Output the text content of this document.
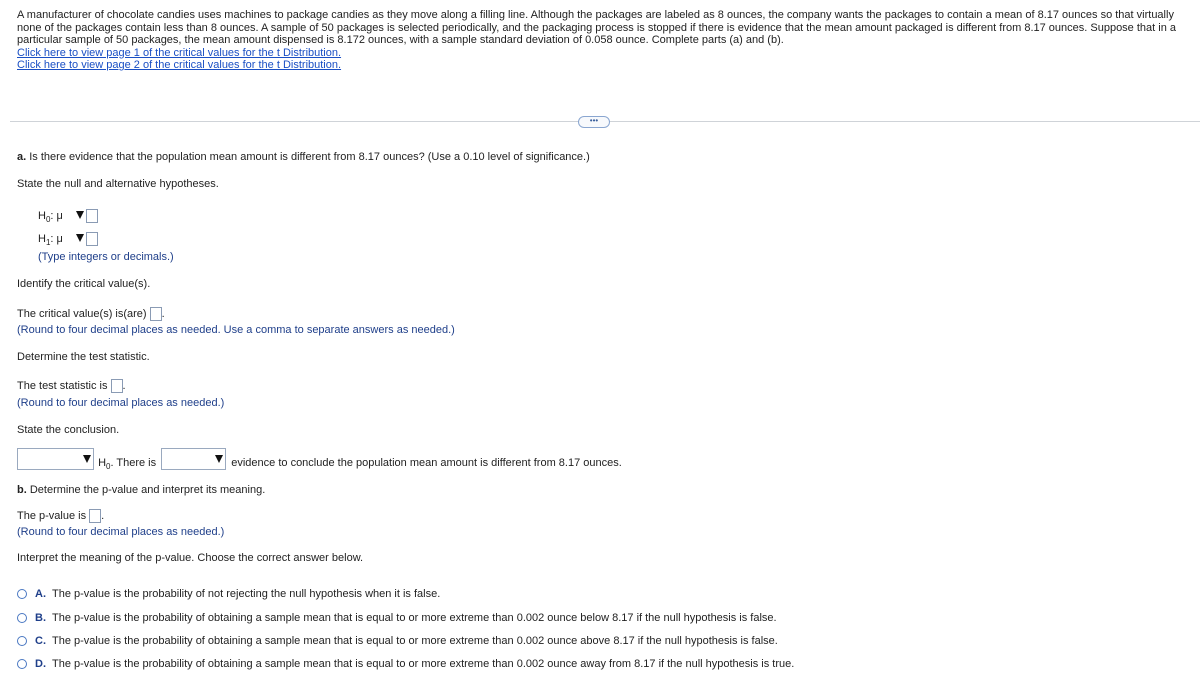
A manufacturer of chocolate candies uses machines to package candies as they move along a filling line. Although the packages are labeled as 8 ounces, the company wants the packages to contain a mean of 8.17 ounces so that virtually none of the packages contain less than 8 ounces. A sample of 50 packages is selected periodically, and the packaging process is stopped if there is evidence that the mean amount packaged is different from 8.17 ounces. Suppose that in a particular sample of 50 packages, the mean amount dispensed is 8.172 ounces, with a sample standard deviation of 0.058 ounce. Complete parts (a) and (b).
Click here to view page 1 of the critical values for the t Distribution.
Click here to view page 2 of the critical values for the t Distribution.
•••
a. Is there evidence that the population mean amount is different from 8.17 ounces? (Use a 0.10 level of significance.)
State the null and alternative hypotheses.
$H_0$: μ
$H_1$: μ
(Type integers or decimals.)
Identify the critical value(s).
The critical value(s) is(are) .
(Round to four decimal places as needed. Use a comma to separate answers as needed.)
Determine the test statistic.
The test statistic is .
(Round to four decimal places as needed.)
State the conclusion.
$H_0$. There is	evidence to conclude the population mean amount is different from 8.17 ounces.
b. Determine the p-value and interpret its meaning.
The p-value is .
(Round to four decimal places as needed.)
Interpret the meaning of the p-value. Choose the correct answer below.
A. The p-value is the probability of not rejecting the null hypothesis when it is false.
B. The p-value is the probability of obtaining a sample mean that is equal to or more extreme than 0.002 ounce below 8.17 if the null hypothesis is false.
C. The p-value is the probability of obtaining a sample mean that is equal to or more extreme than 0.002 ounce above 8.17 if the null hypothesis is false.
D. The p-value is the probability of obtaining a sample mean that is equal to or more extreme than 0.002 ounce away from 8.17 if the null hypothesis is true.
